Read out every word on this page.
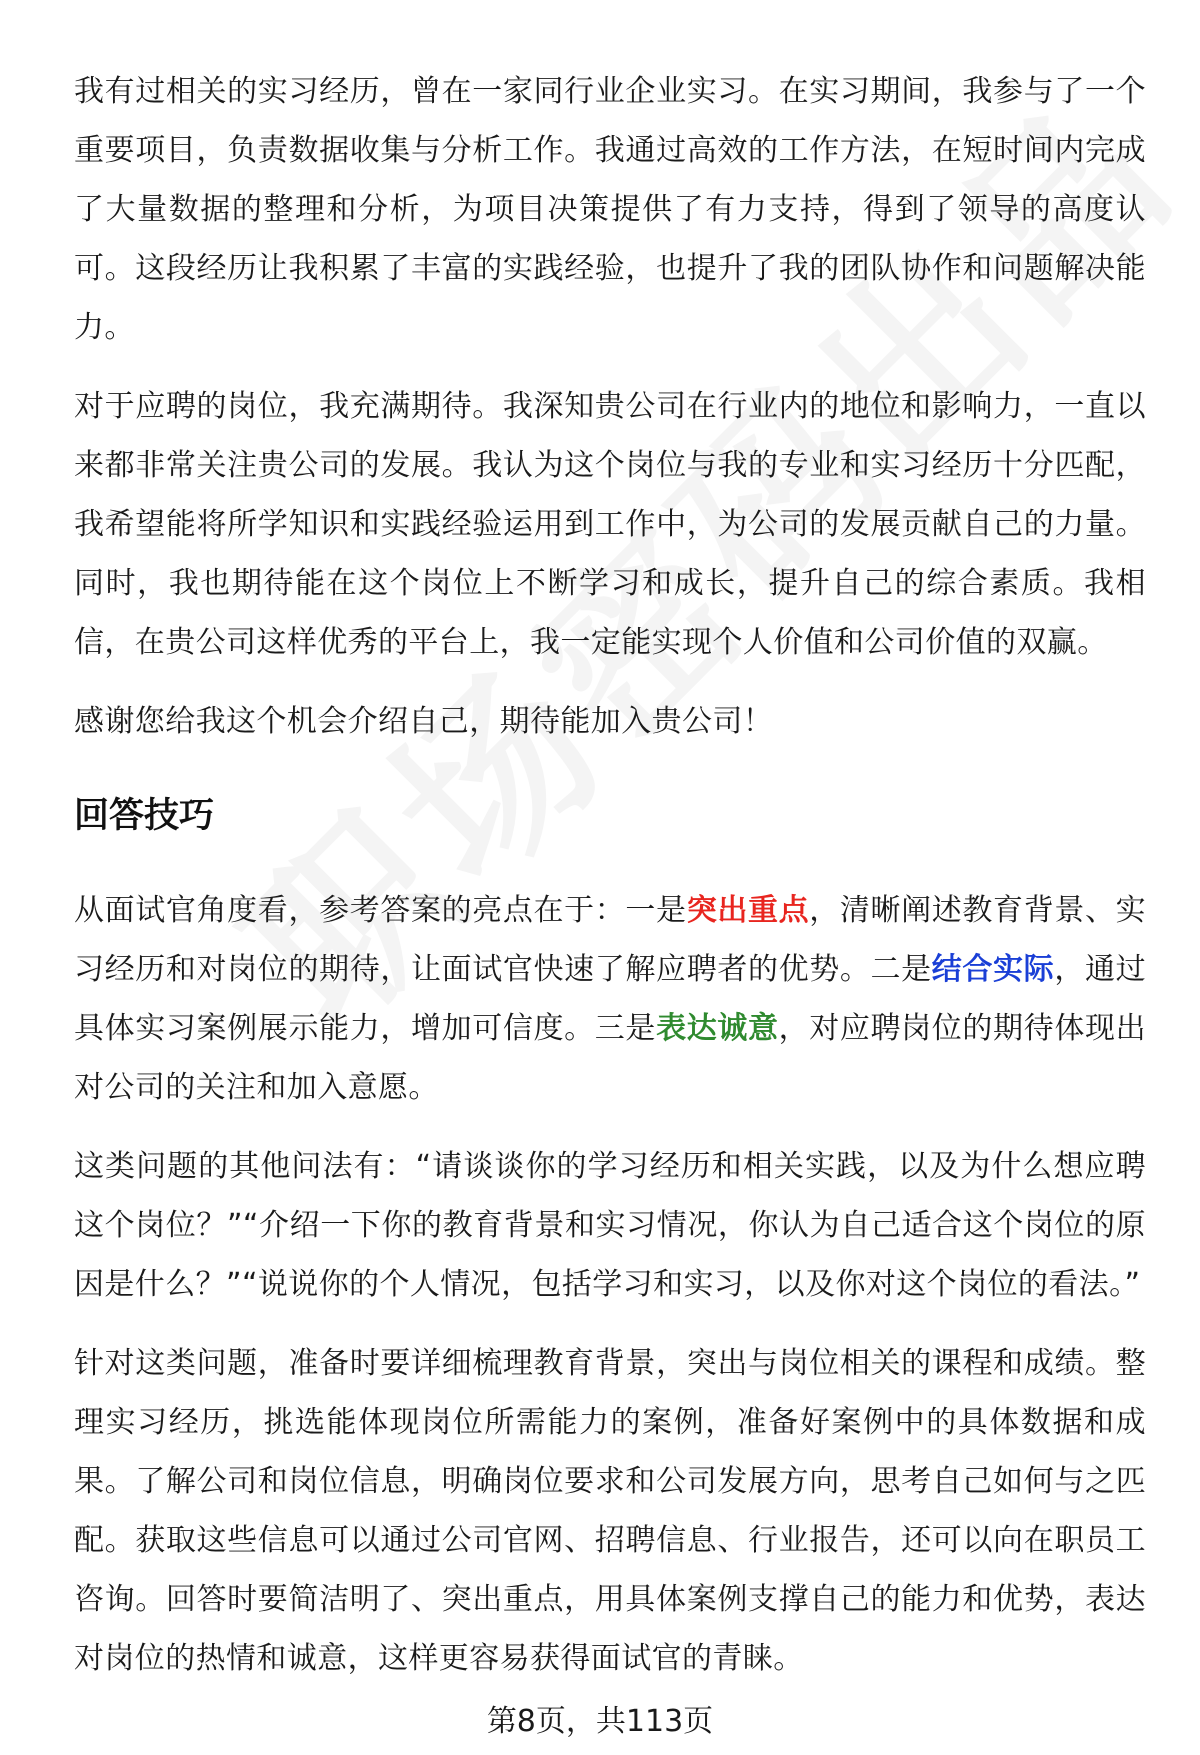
我有过相关的实习经历，曾在一家同行业企业实习。在实习期间，我参与了一个重要项目，负责数据收集与分析工作。我通过高效的工作方法，在短时间内完成了大量数据的整理和分析，为项目决策提供了有力支持，得到了领导的高度认可。这段经历让我积累了丰富的实践经验，也提升了我的团队协作和问题解决能力。

对于应聘的岗位，我充满期待。我深知贵公司在行业内的地位和影响力，一直以来都非常关注贵公司的发展。我认为这个岗位与我的专业和实习经历十分匹配，我希望能将所学知识和实践经验运用到工作中，为公司的发展贡献自己的力量。同时，我也期待能在这个岗位上不断学习和成长，提升自己的综合素质。我相信，在贵公司这样优秀的平台上，我一定能实现个人价值和公司价值的双赢。

感谢您给我这个机会介绍自己，期待能加入贵公司！

回答技巧

从面试官角度看，参考答案的亮点在于：一是突出重点，清晰阐述教育背景、实习经历和对岗位的期待，让面试官快速了解应聘者的优势。二是结合实际，通过具体实习案例展示能力，增加可信度。三是表达诚意，对应聘岗位的期待体现出对公司的关注和加入意愿。

这类问题的其他问法有：“请谈谈你的学习经历和相关实践，以及为什么想应聘这个岗位？”“介绍一下你的教育背景和实习情况，你认为自己适合这个岗位的原因是什么？”“说说你的个人情况，包括学习和实习，以及你对这个岗位的看法。”

针对这类问题，准备时要详细梳理教育背景，突出与岗位相关的课程和成绩。整理实习经历，挑选能体现岗位所需能力的案例，准备好案例中的具体数据和成果。了解公司和岗位信息，明确岗位要求和公司发展方向，思考自己如何与之匹配。获取这些信息可以通过公司官网、招聘信息、行业报告，还可以向在职员工咨询。回答时要简洁明了、突出重点，用具体案例支撑自己的能力和优势，表达对岗位的热情和诚意，这样更容易获得面试官的青睐。

第8页，共113页
